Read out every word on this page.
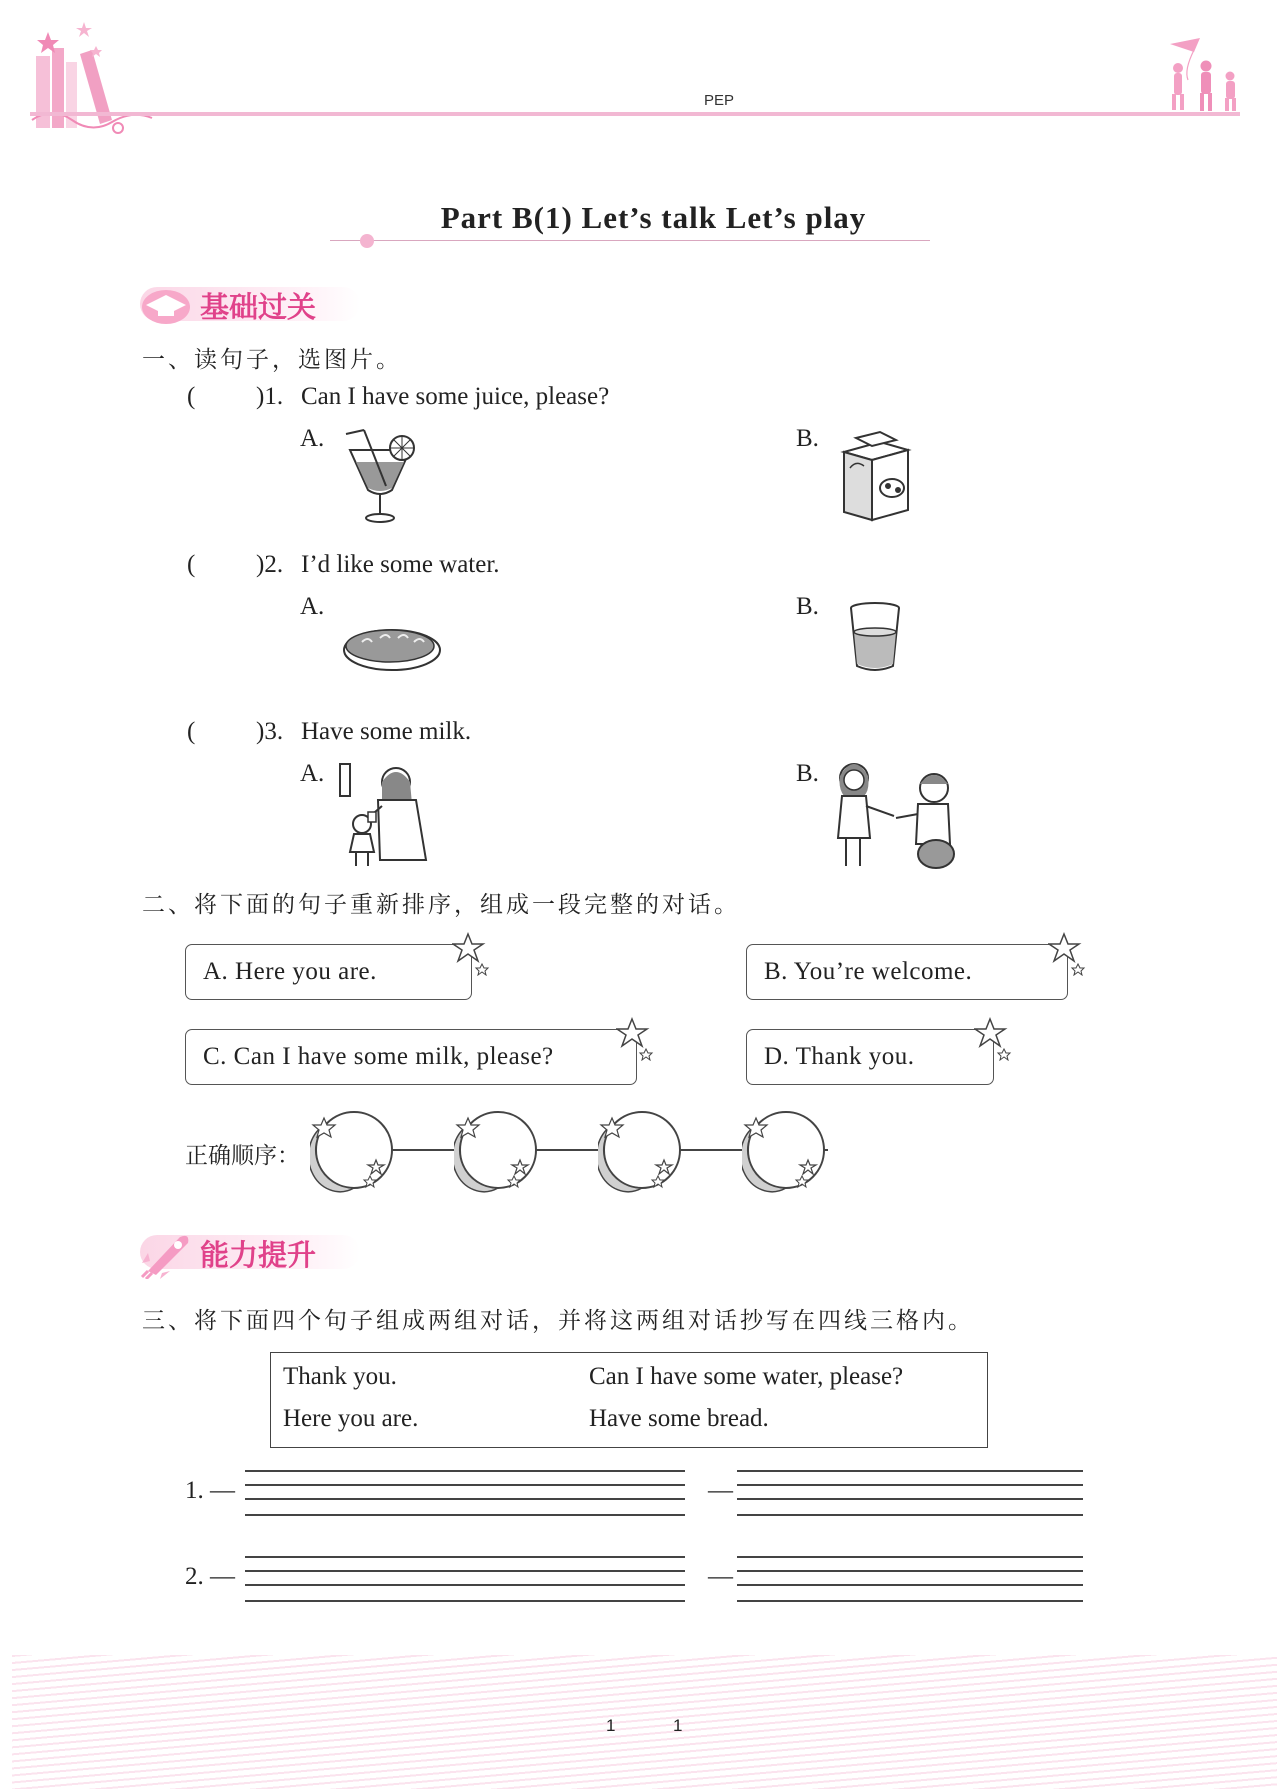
PEP
Part B(1) Let’s talk Let’s play
基础过关
一、读句子，选图片。
( )1. Can I have some juice, please?
A.	B.
( )2. I’d like some water.
A.	B.
( )3. Have some milk.
A.	B.
二、将下面的句子重新排序，组成一段完整的对话。
A. Here you are.	B. You’re welcome.
C. Can I have some milk, please?	D. Thank you.
正确顺序：
能力提升
三、将下面四个句子组成两组对话，并将这两组对话抄写在四线三格内。
Thank you.	Can I have some water, please?
Here you are.	Have some bread.
1. —	—
2. —	—
1	1
